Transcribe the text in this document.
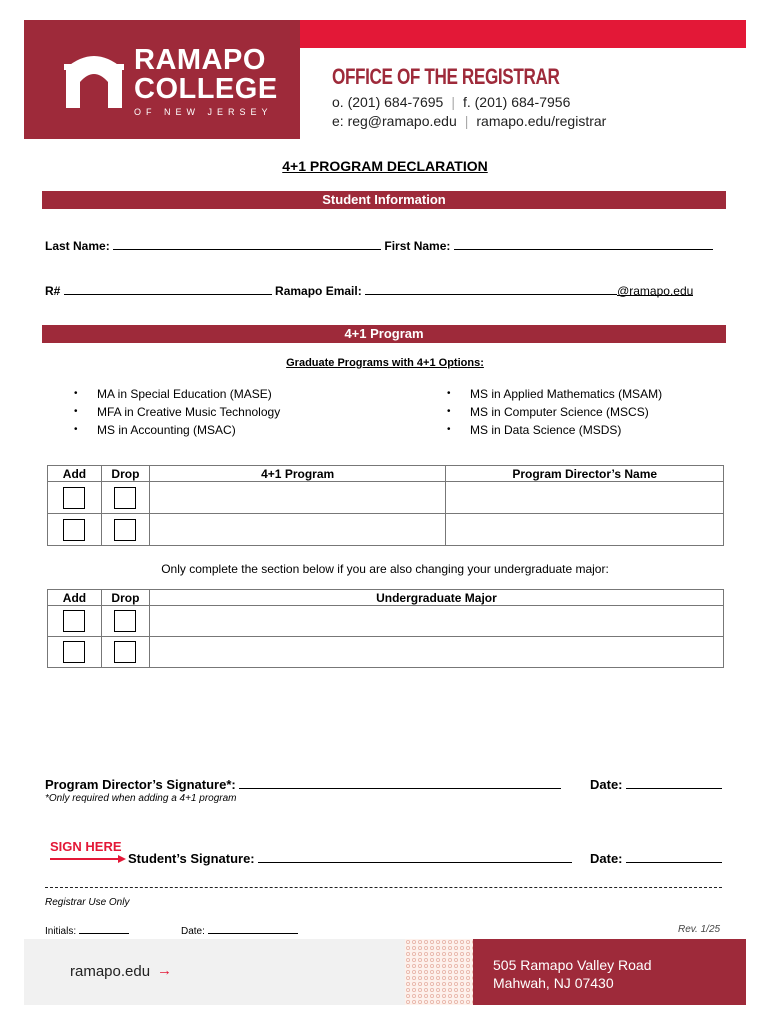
RAMAPO
COLLEGE
OF NEW JERSEY
OFFICE OF THE REGISTRAR
o. (201) 684-7695 | f. (201) 684-7956
e: reg@ramapo.edu | ramapo.edu/registrar
4+1 PROGRAM DECLARATION
Student Information
Last Name:	First Name:
R#	Ramapo Email:	@ramapo.edu
4+1 Program
Graduate Programs with 4+1 Options:
• MA in Special Education (MASE)
• MFA in Creative Music Technology
• MS in Accounting (MSAC)
• MS in Applied Mathematics (MSAM)
• MS in Computer Science (MSCS)
• MS in Data Science (MSDS)
Add	Drop	4+1 Program	Program Director’s Name

Only complete the section below if you are also changing your undergraduate major:
Add	Drop	Undergraduate Major

Program Director’s Signature*:	Date:
*Only required when adding a 4+1 program
SIGN HERE
Student’s Signature:	Date:
Registrar Use Only
Initials:	Date:	Rev. 1/25
ramapo.edu →	505 Ramapo Valley Road
Mahwah, NJ 07430
